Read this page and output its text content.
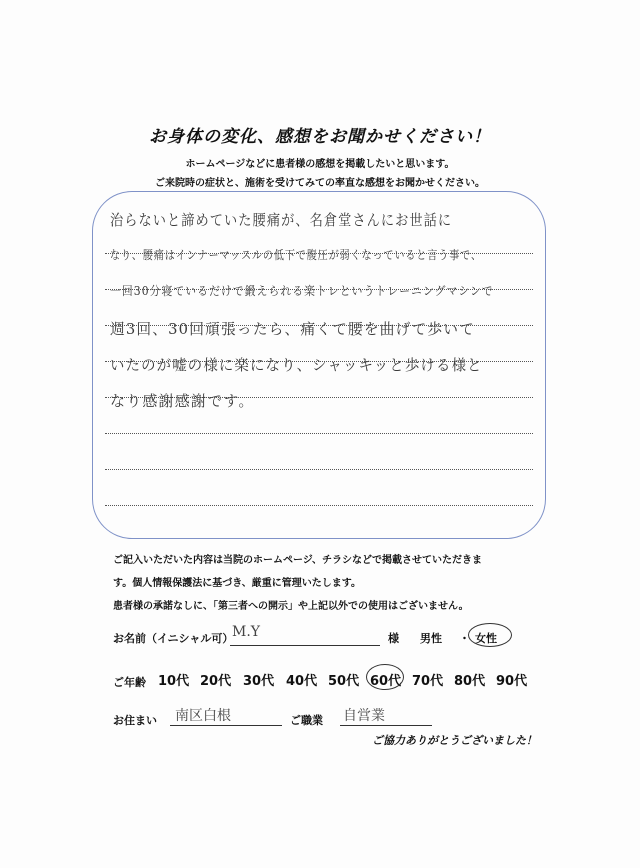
お身体の変化、感想をお聞かせください！
ホームページなどに患者様の感想を掲載したいと思います。
ご来院時の症状と、施術を受けてみての率直な感想をお聞かせください。
治らないと諦めていた腰痛が、名倉堂さんにお世話に
なり、腰痛はインナーマッスルの低下で腹圧が弱くなっていると言う事で、
一回30分寝ているだけで鍛えられる楽トレというトレーニングマシンで
週3回、30回頑張ったら、痛くて腰を曲げて歩いて
いたのが嘘の様に楽になり、シャッキッと歩ける様と
なり感謝感謝です。
ご記入いただいた内容は当院のホームページ、チラシなどで掲載させていただきま
す。個人情報保護法に基づき、厳重に管理いたします。
患者様の承諾なしに、「第三者への開示」や上記以外での使用はございません。
お名前（イニシャル可）
M.Y	様 男性 ・ 女性
ご年齢 10代 20代 30代 40代 50代 60代 70代 80代 90代
お住まい 南区白根	ご職業 自営業
ご協力ありがとうございました！
